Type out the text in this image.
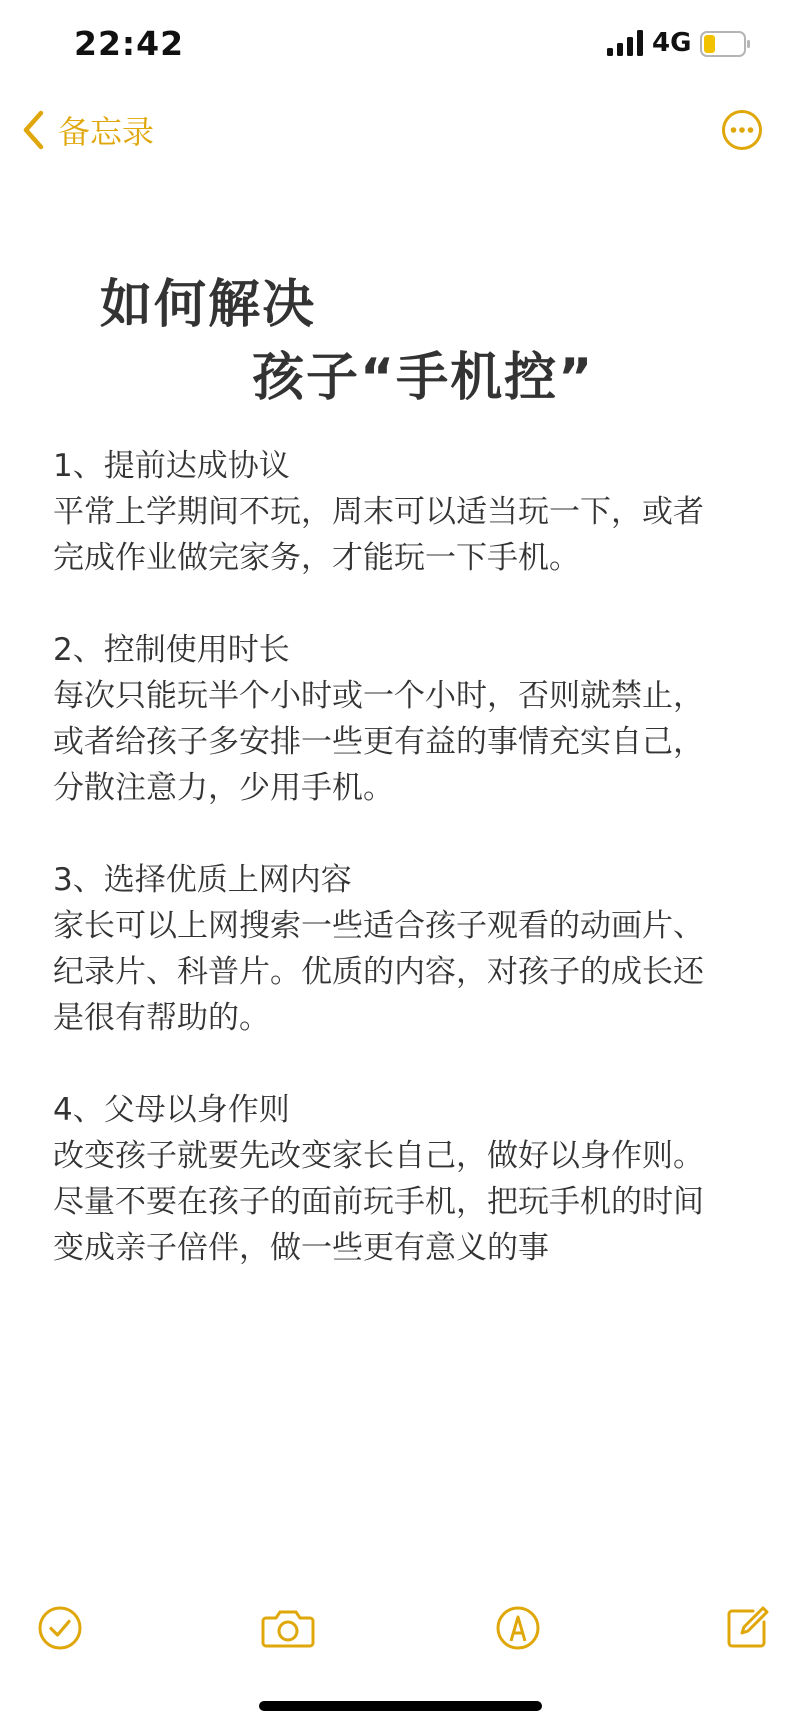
22:42	4G
备忘录
如何解决
孩子“手机控”
1、提前达成协议
平常上学期间不玩，周末可以适当玩一下，或者
完成作业做完家务，才能玩一下手机。
2、控制使用时长
每次只能玩半个小时或一个小时，否则就禁止，
或者给孩子多安排一些更有益的事情充实自己，
分散注意力，少用手机。
3、选择优质上网内容
家长可以上网搜索一些适合孩子观看的动画片、
纪录片、科普片。优质的内容，对孩子的成长还
是很有帮助的。
4、父母以身作则
改变孩子就要先改变家长自己，做好以身作则。
尽量不要在孩子的面前玩手机，把玩手机的时间
变成亲子倍伴，做一些更有意义的事
